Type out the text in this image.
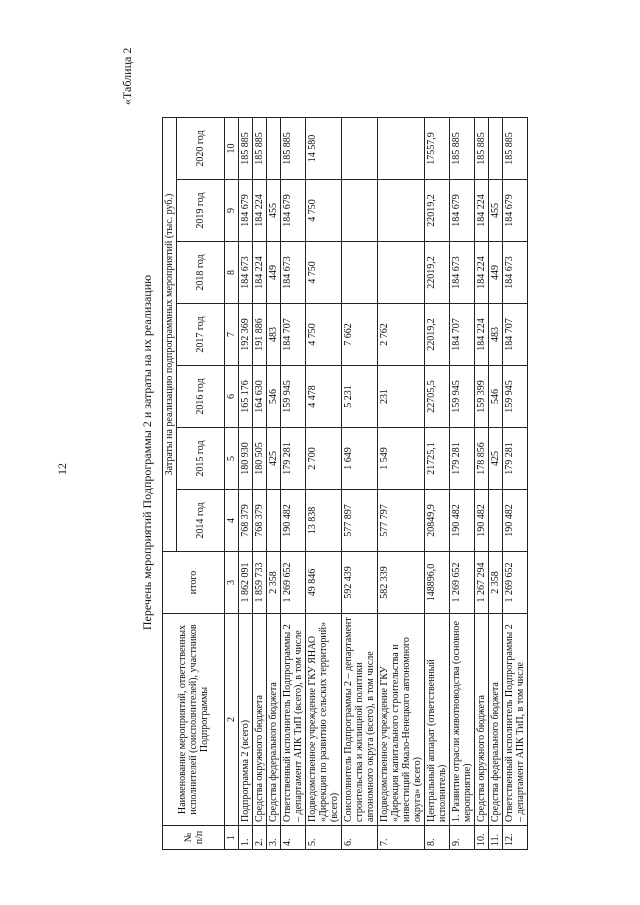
12
«Таблица 2
Перечень мероприятий Подпрограммы 2 и затраты на их реализацию
№ п/п	Наименование мероприятий, ответственных исполнителей (соисполнителей), участников Подпрограммы	итого	Затраты на реализацию подпрограммных мероприятий (тыс. руб.)						
			2014 год	2015 год	2016 год	2017 год	2018 год	2019 год	2020 год
1	2	3	4	5	6	7	8	9	10
1.	Подпрограмма 2 (всего)	1 862 091	768 379	180 930	165 176	192 369	184 673	184 679	185 885
2.	Средства окружного бюджета	1 859 733	768 379	180 505	164 630	191 886	184 224	184 224	185 885
3.	Средства федерального бюджета	2 358		425	546	483	449	455	
4.	Ответственный исполнитель Подпрограммы 2 – департамент АПК ТиП (всего), в том числе	1 269 652	190 482	179 281	159 945	184 707	184 673	184 679	185 885
5.	Подведомственное учреждение ГКУ ЯНАО «Дирекция по развитию сельских территорий» (всего)	49 846	13 838	2 700	4 478	4 750	4 750	4 750	14 580
6.	Соисполнитель Подпрограммы 2 – департамент строительства и жилищной политики автономного округа (всего), в том числе	592 439	577 897	1 649	5 231	7 662			
7.	Подведомственное учреждение ГКУ «Дирекция капитального строительства и инвестиций Ямало-Ненецкого автономного округа» (всего)	582 339	577 797	1 549	231	2 762			
8.	Центральный аппарат (ответственный исполнитель)	148896,0	20849,9	21725,1	22705,5	22019,2	22019,2	22019,2	17557,9
9.	1. Развитие отрасли животноводства (основное мероприятие)	1 269 652	190 482	179 281	159 945	184 707	184 673	184 679	185 885
10.	Средства окружного бюджета	1 267 294	190 482	178 856	159 399	184 224	184 224	184 224	185 885
11.	Средства федерального бюджета	2 358		425	546	483	449	455	
12.	Ответственный исполнитель Подпрограммы 2 – департамент АПК ТиП, в том числе	1 269 652	190 482	179 281	159 945	184 707	184 673	184 679	185 885
